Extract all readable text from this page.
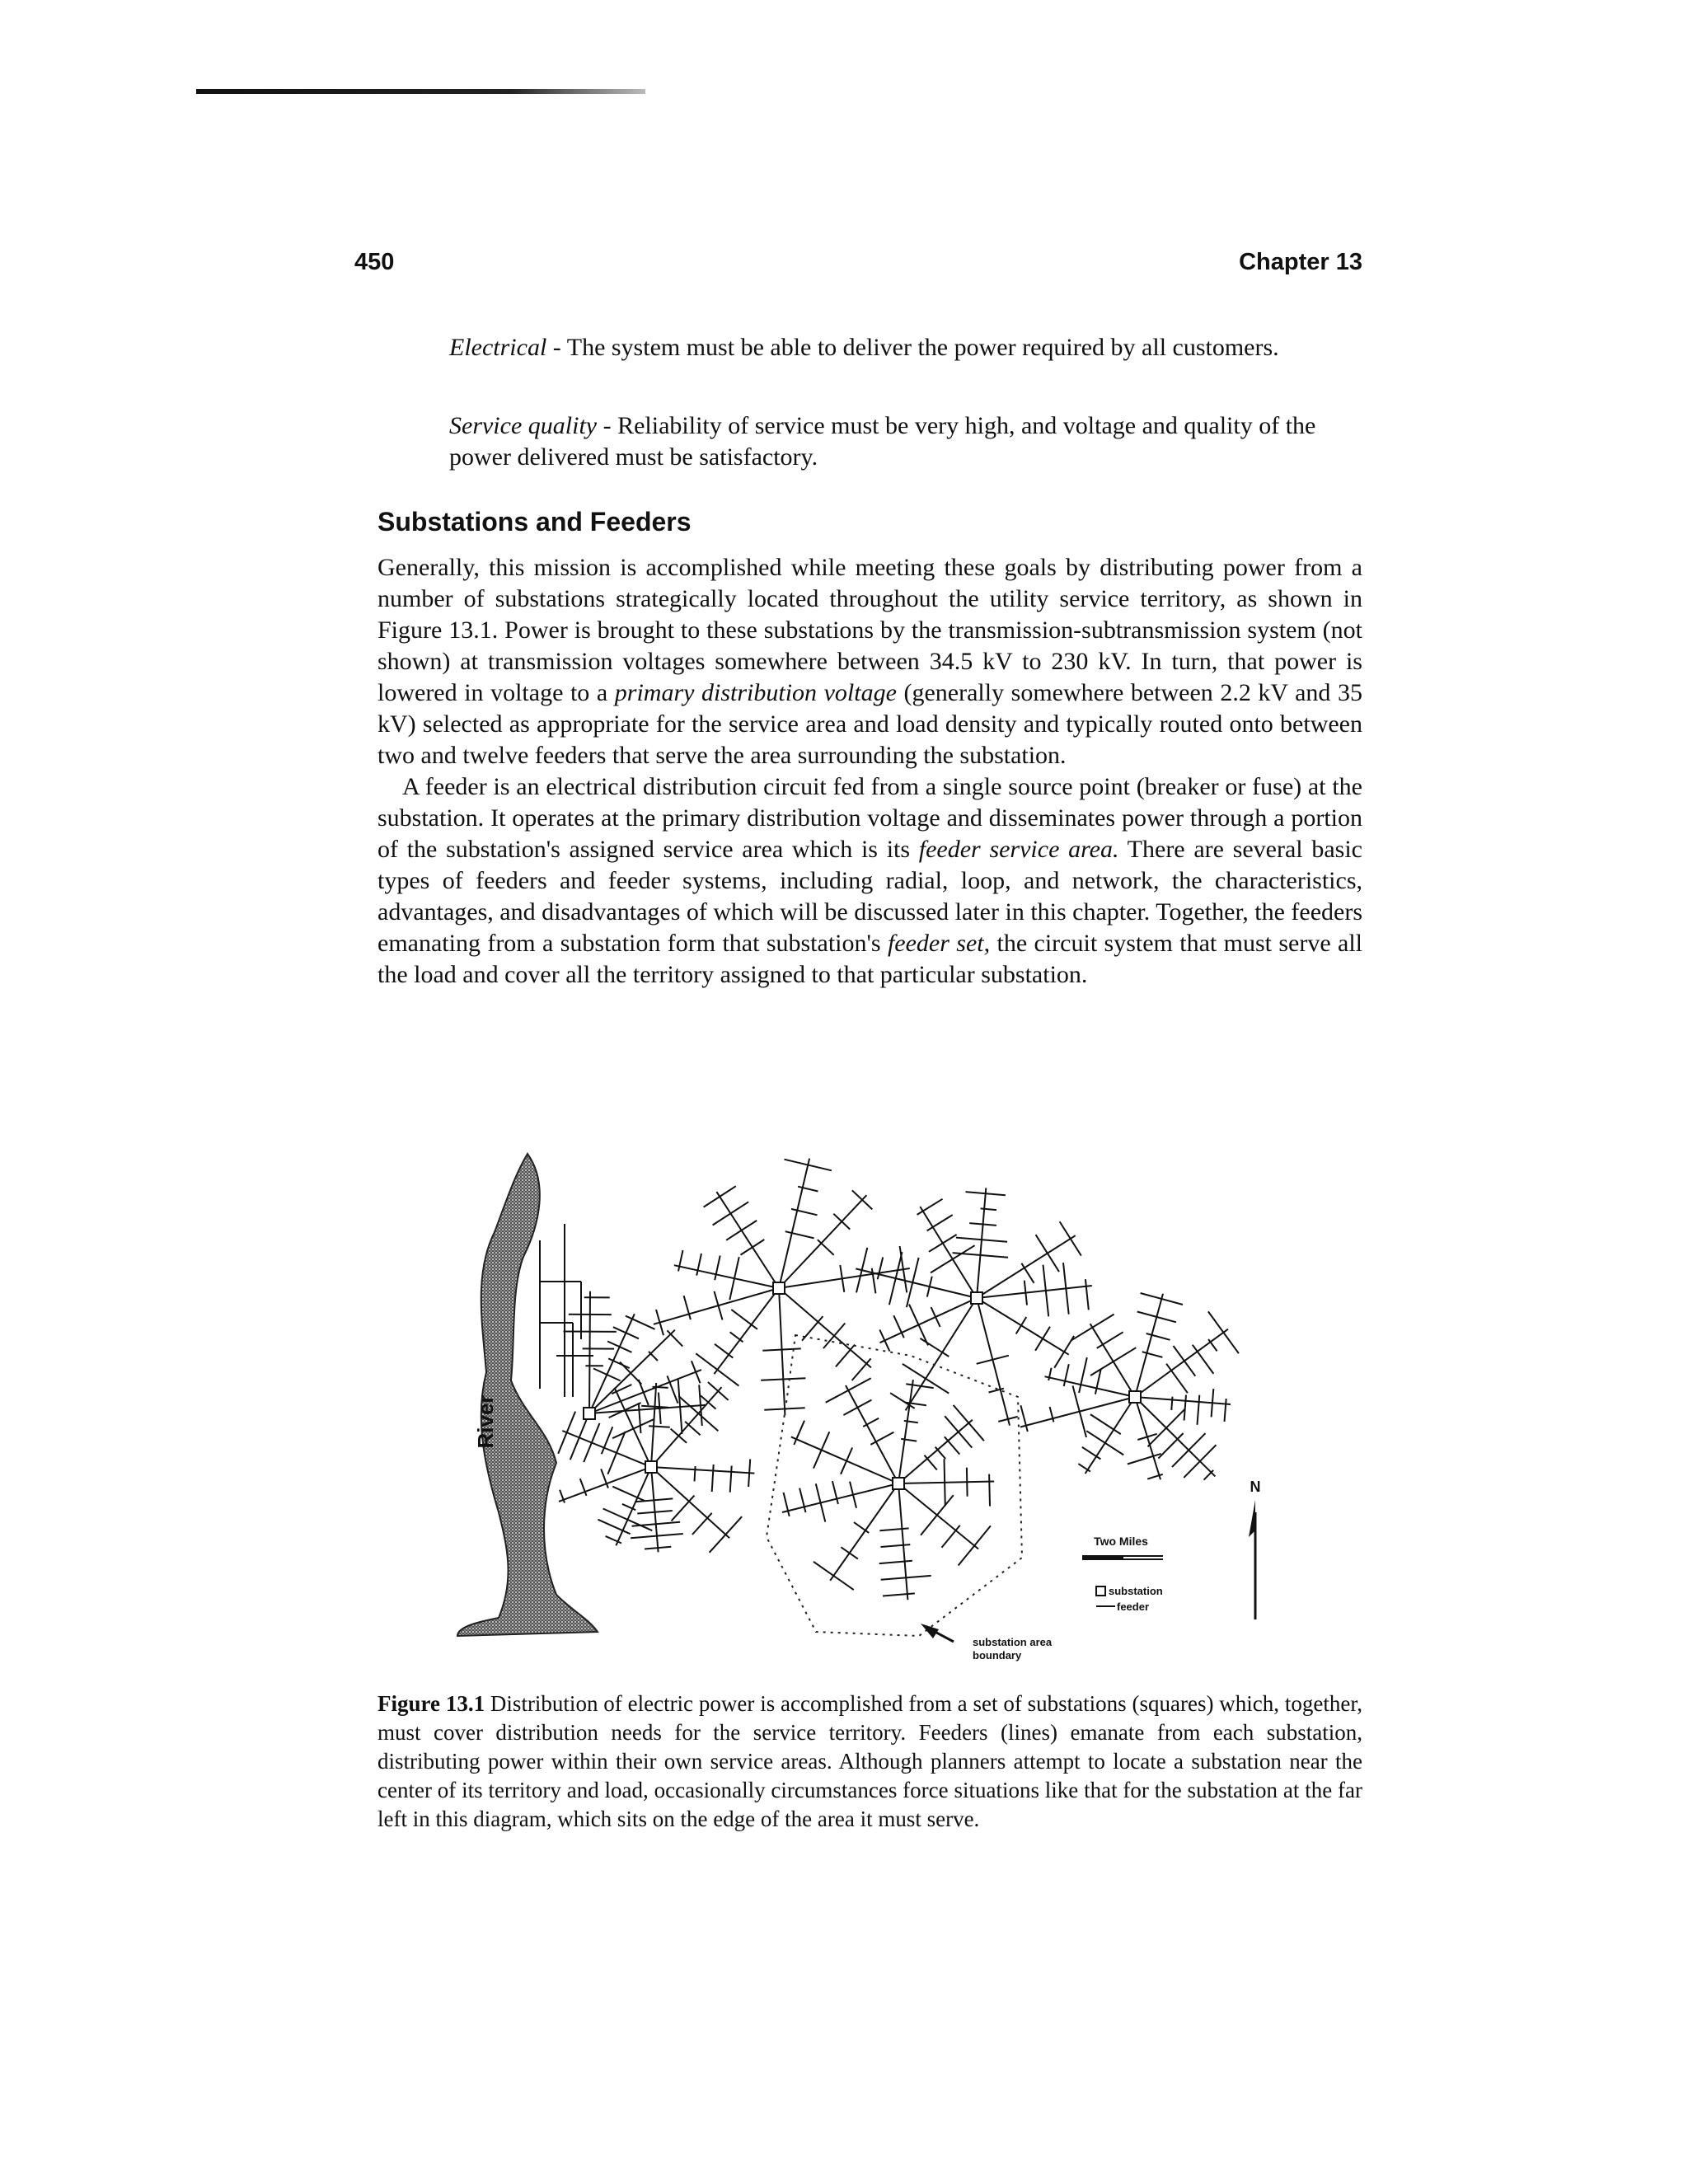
450	Chapter 13
Electrical - The system must be able to deliver the power required by all customers.
Service quality - Reliability of service must be very high, and voltage and quality of the power delivered must be satisfactory.
Substations and Feeders

Generally, this mission is accomplished while meeting these goals by distributing power from a number of substations strategically located throughout the utility service territory, as shown in Figure 13.1. Power is brought to these substations by the transmission-subtransmission system (not shown) at transmission voltages somewhere between 34.5 kV to 230 kV. In turn, that power is lowered in voltage to a primary distribution voltage (generally somewhere between 2.2 kV and 35 kV) selected as appropriate for the service area and load density and typically routed onto between two and twelve feeders that serve the area surrounding the substation.

A feeder is an electrical distribution circuit fed from a single source point (breaker or fuse) at the substation. It operates at the primary distribution voltage and disseminates power through a portion of the substation's assigned service area which is its feeder service area. There are several basic types of feeders and feeder systems, including radial, loop, and network, the characteristics, advantages, and disadvantages of which will be discussed later in this chapter. Together, the feeders emanating from a substation form that substation's feeder set, the circuit system that must serve all the load and cover all the territory assigned to that particular substation.

River
substation area
boundary
Two Miles
substation
feeder
N
Figure 13.1 Distribution of electric power is accomplished from a set of substations (squares) which, together, must cover distribution needs for the service territory. Feeders (lines) emanate from each substation, distributing power within their own service areas. Although planners attempt to locate a substation near the center of its territory and load, occasionally circumstances force situations like that for the substation at the far left in this diagram, which sits on the edge of the area it must serve.
